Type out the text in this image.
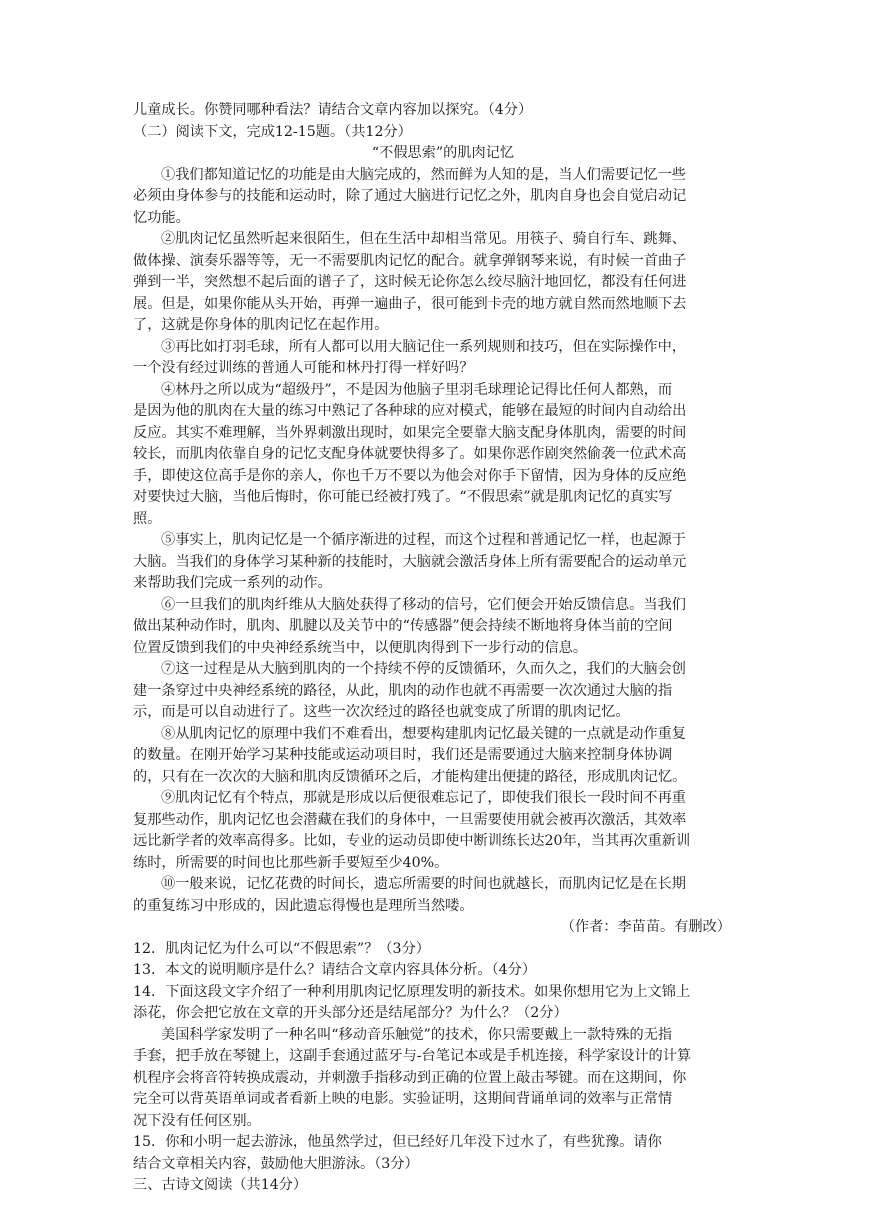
儿童成长。你赞同哪种看法？请结合文章内容加以探究。（4分）
（二）阅读下文，完成12-15题。（共12分）
“不假思索”的肌肉记忆
①我们都知道记忆的功能是由大脑完成的，然而鲜为人知的是，当人们需要记忆一些
必须由身体参与的技能和运动时，除了通过大脑进行记忆之外，肌肉自身也会自觉启动记
忆功能。
②肌肉记忆虽然听起来很陌生，但在生活中却相当常见。用筷子、骑自行车、跳舞、
做体操、演奏乐器等等，无一不需要肌肉记忆的配合。就拿弹钢琴来说，有时候一首曲子
弹到一半，突然想不起后面的谱子了，这时候无论你怎么绞尽脑汁地回忆，都没有任何进
展。但是，如果你能从头开始，再弹一遍曲子，很可能到卡壳的地方就自然而然地顺下去
了，这就是你身体的肌肉记忆在起作用。
③再比如打羽毛球，所有人都可以用大脑记住一系列规则和技巧，但在实际操作中，
一个没有经过训练的普通人可能和林丹打得一样好吗？
④林丹之所以成为“超级丹”，不是因为他脑子里羽毛球理论记得比任何人都熟，而
是因为他的肌肉在大量的练习中熟记了各种球的应对模式，能够在最短的时间内自动给出
反应。其实不难理解，当外界刺激出现时，如果完全要靠大脑支配身体肌肉，需要的时间
较长，而肌肉依靠自身的记忆支配身体就要快得多了。如果你恶作剧突然偷袭一位武术高
手，即使这位高手是你的亲人，你也千万不要以为他会对你手下留情，因为身体的反应绝
对要快过大脑，当他后悔时，你可能已经被打残了。“不假思索”就是肌肉记忆的真实写
照。
⑤事实上，肌肉记忆是一个循序渐进的过程，而这个过程和普通记忆一样，也起源于
大脑。当我们的身体学习某种新的技能时，大脑就会激活身体上所有需要配合的运动单元
来帮助我们完成一系列的动作。
⑥一旦我们的肌肉纤维从大脑处获得了移动的信号，它们便会开始反馈信息。当我们
做出某种动作时，肌肉、肌腱以及关节中的“传感器”便会持续不断地将身体当前的空间
位置反馈到我们的中央神经系统当中，以便肌肉得到下一步行动的信息。
⑦这一过程是从大脑到肌肉的一个持续不停的反馈循环，久而久之，我们的大脑会创
建一条穿过中央神经系统的路径，从此，肌肉的动作也就不再需要一次次通过大脑的指
示，而是可以自动进行了。这些一次次经过的路径也就变成了所谓的肌肉记忆。
⑧从肌肉记忆的原理中我们不难看出，想要构建肌肉记忆最关键的一点就是动作重复
的数量。在刚开始学习某种技能或运动项目时，我们还是需要通过大脑来控制身体协调
的，只有在一次次的大脑和肌肉反馈循环之后，才能构建出便捷的路径，形成肌肉记忆。
⑨肌肉记忆有个特点，那就是形成以后便很难忘记了，即使我们很长一段时间不再重
复那些动作，肌肉记忆也会潜藏在我们的身体中，一旦需要使用就会被再次激活，其效率
远比新学者的效率高得多。比如，专业的运动员即使中断训练长达20年，当其再次重新训
练时，所需要的时间也比那些新手要短至少40%。
⑩一般来说，记忆花费的时间长，遗忘所需要的时间也就越长，而肌肉记忆是在长期
的重复练习中形成的，因此遗忘得慢也是理所当然喽。
（作者：李苗苗。有删改）
12．肌肉记忆为什么可以“不假思索”？（3分）
13．本文的说明顺序是什么？请结合文章内容具体分析。（4分）
14．下面这段文字介绍了一种利用肌肉记忆原理发明的新技术。如果你想用它为上文锦上
添花，你会把它放在文章的开头部分还是结尾部分？为什么？（2分）
美国科学家发明了一种名叫“移动音乐触觉”的技术，你只需要戴上一款特殊的无指
手套，把手放在琴键上，这副手套通过蓝牙与-台笔记本或是手机连接，科学家设计的计算
机程序会将音符转换成震动，并刺激手指移动到正确的位置上敲击琴键。而在这期间，你
完全可以背英语单词或者看新上映的电影。实验证明，这期间背诵单词的效率与正常情
况下没有任何区别。
15．你和小明一起去游泳，他虽然学过，但已经好几年没下过水了，有些犹豫。请你
结合文章相关内容，鼓励他大胆游泳。（3分）
三、古诗文阅读（共14分）
